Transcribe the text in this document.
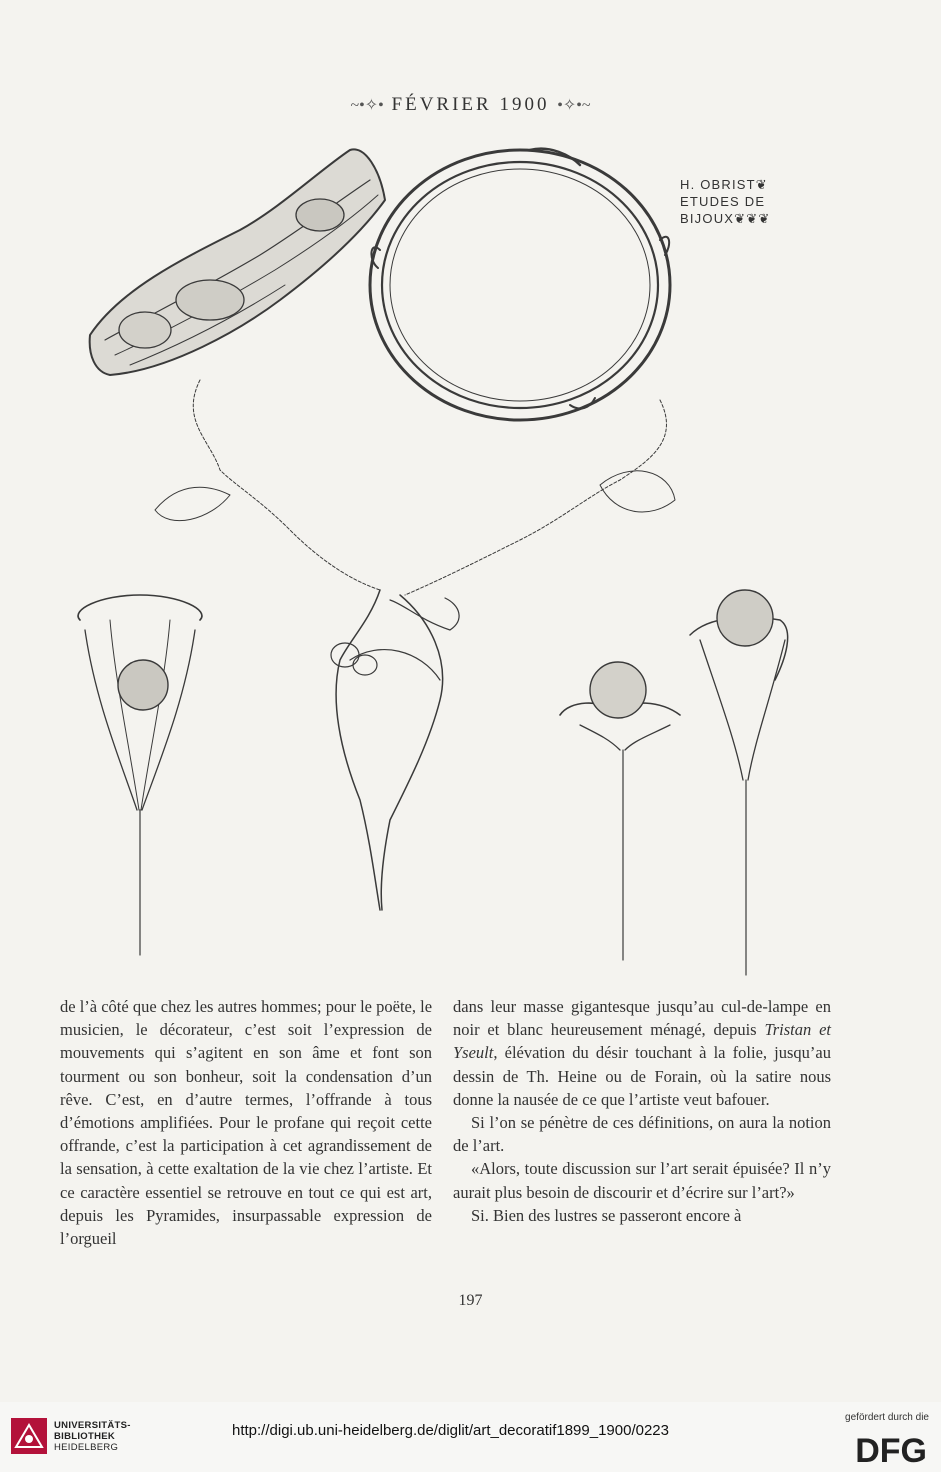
~•✧• FÉVRIER 1900 •✧•~
H. OBRIST❦
ETUDES DE
BIJOUX❦❦❦

de l’à côté que chez les autres hommes; pour le poëte, le musicien, le décorateur, c’est soit l’expression de mouvements qui s’agitent en son âme et font son tourment ou son bonheur, soit la condensation d’un rêve. C’est, en d’autre termes, l’offrande à tous d’émotions amplifiées. Pour le profane qui reçoit cette offrande, c’est la participation à cet agrandissement de la sensation, à cette exaltation de la vie chez l’artiste. Et ce caractère essentiel se retrouve en tout ce qui est art, depuis les Pyramides, insurpassable expression de l’orgueil

dans leur masse gigantesque jusqu’au cul-de-lampe en noir et blanc heureusement ménagé, depuis Tristan et Yseult, élévation du désir touchant à la folie, jusqu’au dessin de Th. Heine ou de Forain, où la satire nous donne la nausée de ce que l’artiste veut bafouer.

Si l’on se pénètre de ces définitions, on aura la notion de l’art.

«Alors, toute discussion sur l’art serait épuisée? Il n’y aurait plus besoin de discourir et d’écrire sur l’art?»

Si. Bien des lustres se passeront encore à

197
UNIVERSITÄTS-
BIBLIOTHEK
HEIDELBERG
http://digi.ub.uni-heidelberg.de/diglit/art_decoratif1899_1900/0223
gefördert durch die
DFG
